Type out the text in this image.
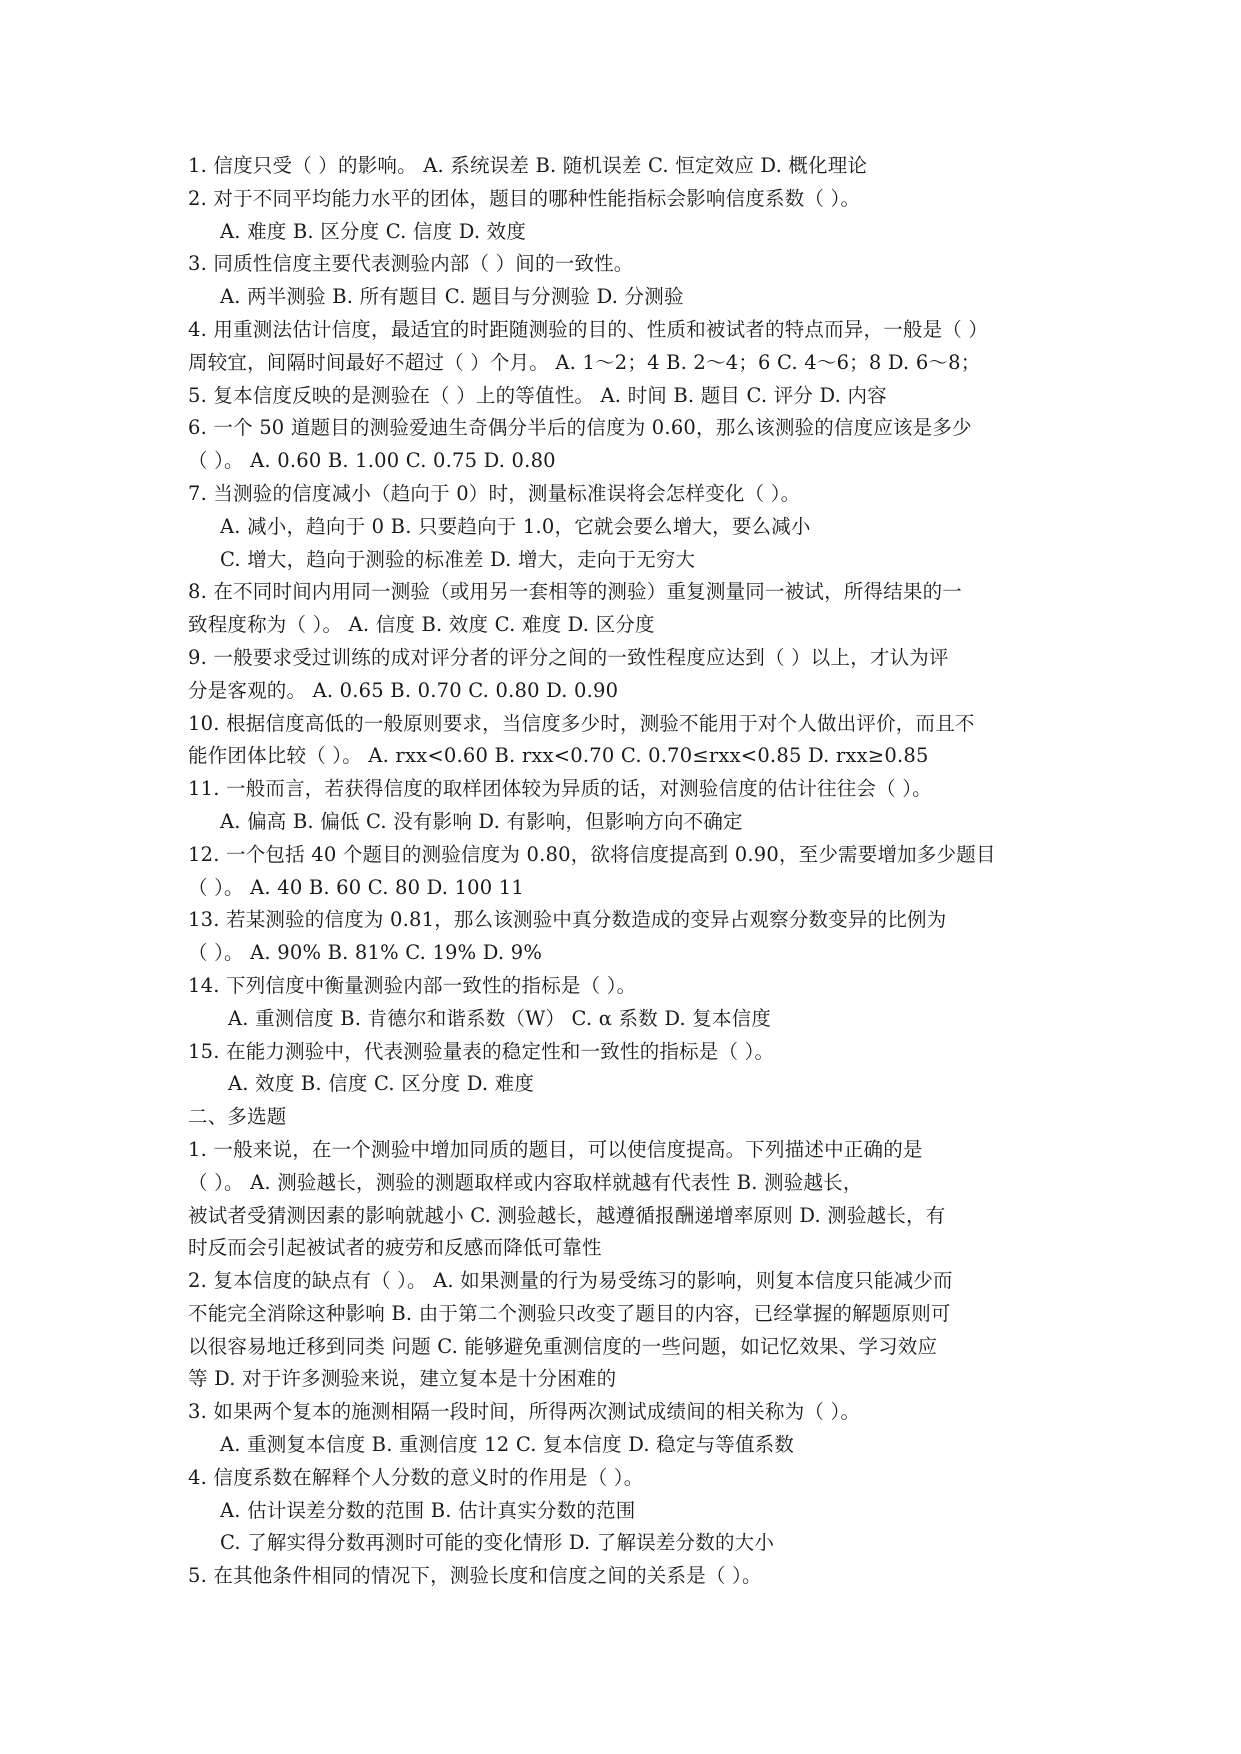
1. 信度只受（ ）的影响。 A. 系统误差 B. 随机误差 C. 恒定效应 D. 概化理论
2. 对于不同平均能力水平的团体，题目的哪种性能指标会影响信度系数（ ）。
A. 难度 B. 区分度 C. 信度 D. 效度
3. 同质性信度主要代表测验内部（ ）间的一致性。
A. 两半测验 B. 所有题目 C. 题目与分测验 D. 分测验
4. 用重测法估计信度，最适宜的时距随测验的目的、性质和被试者的特点而异，一般是（ ）
周较宜，间隔时间最好不超过（ ）个月。 A. 1～2；4 B. 2～4；6 C. 4～6；8 D. 6～8；
5. 复本信度反映的是测验在（ ）上的等值性。 A. 时间 B. 题目 C. 评分 D. 内容
6. 一个 50 道题目的测验爱迪生奇偶分半后的信度为 0.60，那么该测验的信度应该是多少
（ ）。 A. 0.60 B. 1.00 C. 0.75 D. 0.80
7. 当测验的信度减小（趋向于 0）时，测量标准误将会怎样变化（ ）。
A. 减小，趋向于 0 B. 只要趋向于 1.0，它就会要么增大，要么减小
C. 增大，趋向于测验的标准差 D. 增大，走向于无穷大
8. 在不同时间内用同一测验（或用另一套相等的测验）重复测量同一被试，所得结果的一
致程度称为（ ）。 A. 信度 B. 效度 C. 难度 D. 区分度
9. 一般要求受过训练的成对评分者的评分之间的一致性程度应达到（ ）以上，才认为评
分是客观的。 A. 0.65 B. 0.70 C. 0.80 D. 0.90
10. 根据信度高低的一般原则要求，当信度多少时，测验不能用于对个人做出评价，而且不
能作团体比较（ ）。 A. rxx<0.60 B. rxx<0.70 C. 0.70≤rxx<0.85 D. rxx≥0.85
11. 一般而言，若获得信度的取样团体较为异质的话，对测验信度的估计往往会（ ）。
A. 偏高 B. 偏低 C. 没有影响 D. 有影响，但影响方向不确定
12. 一个包括 40 个题目的测验信度为 0.80，欲将信度提高到 0.90，至少需要增加多少题目
（ ）。 A. 40 B. 60 C. 80 D. 100 11
13. 若某测验的信度为 0.81，那么该测验中真分数造成的变异占观察分数变异的比例为
（ ）。 A. 90% B. 81% C. 19% D. 9%
14. 下列信度中衡量测验内部一致性的指标是（ ）。
A. 重测信度 B. 肯德尔和谐系数（W） C. α 系数 D. 复本信度
15. 在能力测验中，代表测验量表的稳定性和一致性的指标是（ ）。
A. 效度 B. 信度 C. 区分度 D. 难度
二、多选题
1. 一般来说，在一个测验中增加同质的题目，可以使信度提高。下列描述中正确的是
（ ）。 A. 测验越长，测验的测题取样或内容取样就越有代表性 B. 测验越长，
被试者受猜测因素的影响就越小 C. 测验越长，越遵循报酬递增率原则 D. 测验越长，有
时反而会引起被试者的疲劳和反感而降低可靠性
2. 复本信度的缺点有（ ）。 A. 如果测量的行为易受练习的影响，则复本信度只能减少而
不能完全消除这种影响 B. 由于第二个测验只改变了题目的内容，已经掌握的解题原则可
以很容易地迁移到同类 问题 C. 能够避免重测信度的一些问题，如记忆效果、学习效应
等 D. 对于许多测验来说，建立复本是十分困难的
3. 如果两个复本的施测相隔一段时间，所得两次测试成绩间的相关称为（ ）。
A. 重测复本信度 B. 重测信度 12 C. 复本信度 D. 稳定与等值系数
4. 信度系数在解释个人分数的意义时的作用是（ ）。
A. 估计误差分数的范围 B. 估计真实分数的范围
C. 了解实得分数再测时可能的变化情形 D. 了解误差分数的大小
5. 在其他条件相同的情况下，测验长度和信度之间的关系是（ ）。
